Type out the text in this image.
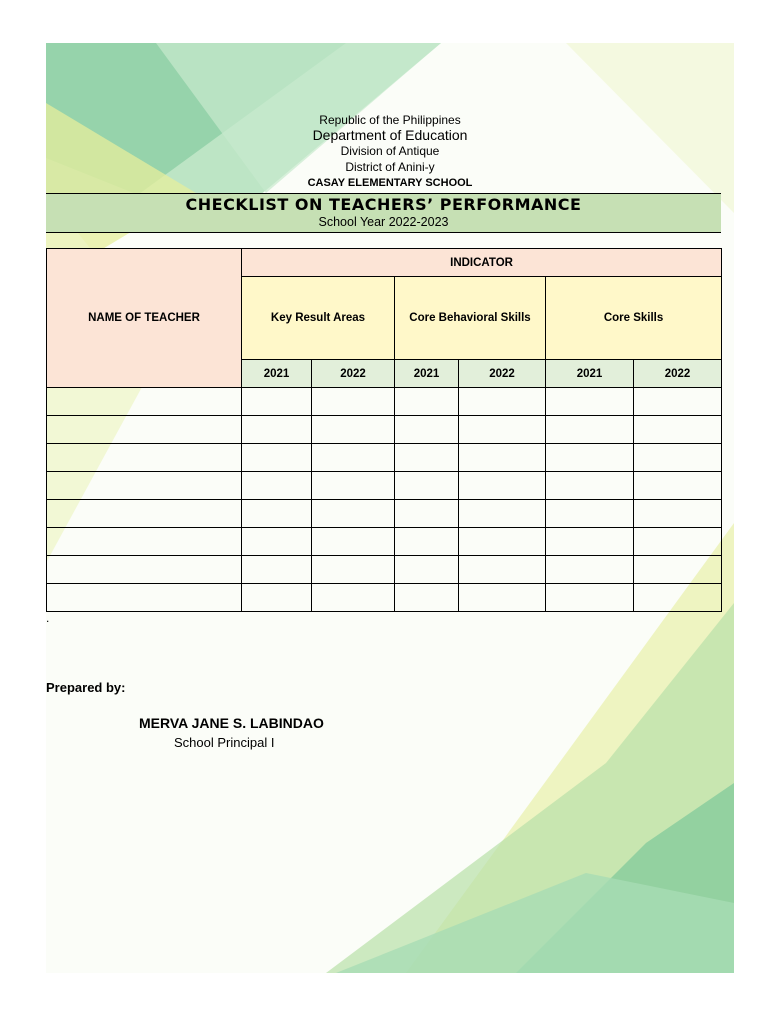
Republic of the Philippines
Department of Education
Division of Antique
District of Anini-y
CASAY ELEMENTARY SCHOOL
CHECKLIST ON TEACHERS’ PERFORMANCE
School Year 2022-2023
NAME OF TEACHER	INDICATOR					
	Key Result Areas		Core Behavioral Skills		Core Skills	
	2021	2022	2021	2022	2021	2022

.
Prepared by:
MERVA JANE S. LABINDAO
School Principal I
